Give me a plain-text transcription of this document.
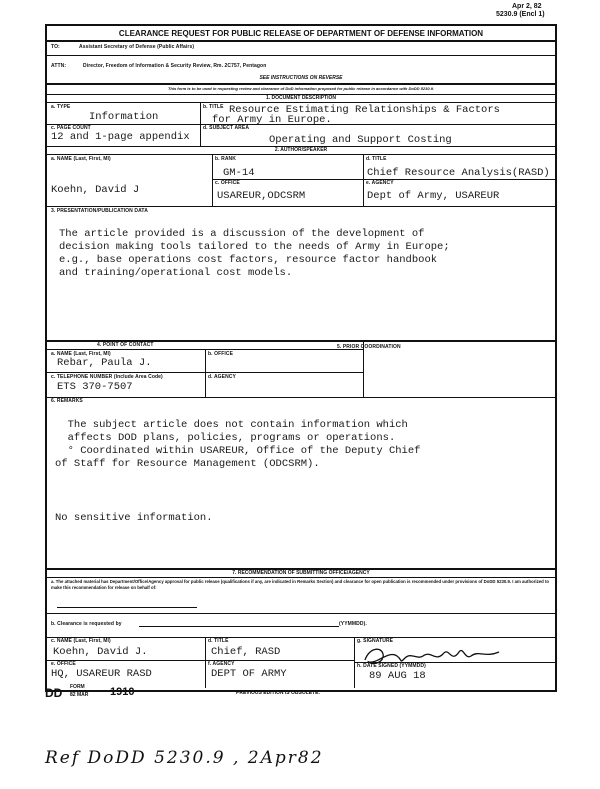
Apr 2, 82
5230.9 (Encl 1)
CLEARANCE REQUEST FOR PUBLIC RELEASE OF DEPARTMENT OF DEFENSE INFORMATION
TO:	Assistant Secretary of Defense (Public Affairs)
ATTN:	Director, Freedom of Information & Security Review, Rm. 2C757, Pentagon
SEE INSTRUCTIONS ON REVERSE
This form is to be used in requesting review and clearance of DoD information proposed for public release in accordance with DoDD 5230.9.
1. DOCUMENT DESCRIPTION
a. TYPE
Information
b. TITLE Resource Estimating Relationships & Factors
for Army in Europe.
c. PAGE COUNT
12 and 1-page appendix
d. SUBJECT AREA
Operating and Support Costing
2. AUTHOR/SPEAKER
a. NAME (Last, First, MI)
Koehn, David J
b. RANK
GM-14
c. OFFICE
USAREUR,ODCSRM
d. TITLE
Chief Resource Analysis(RASD)
e. AGENCY
Dept of Army, USAREUR
3. PRESENTATION/PUBLICATION DATA
The article provided is a discussion of the development of
decision making tools tailored to the needs of Army in Europe;
e.g., base operations cost factors, resource factor handbook
and training/operational cost models.
4. POINT OF CONTACT	5. PRIOR COORDINATION
a. NAME (Last, First, MI)
Rebar, Paula J.
b. OFFICE
c. TELEPHONE NUMBER (Include Area Code)
ETS 370-7507
d. AGENCY
6. REMARKS
The subject article does not contain information which
affects DOD plans, policies, programs or operations.
° Coordinated within USAREUR, Office of the Deputy Chief
of Staff for Resource Management (ODCSRM).
No sensitive information.
7. RECOMMENDATION OF SUBMITTING OFFICE/AGENCY
a. The attached material has Department/Office/Agency approval for public release (qualifications if any, are indicated in Remarks Section) and clearance for open publication is recommended under provisions of DoDD 5230.9. I am authorized to make this recommendation for release on behalf of:
b. Clearance is requested by	(YYMMDD).
c. NAME (Last, First, MI)
Koehn, David J.
d. TITLE
Chief, RASD
e. OFFICE
HQ, USAREUR RASD
f. AGENCY
DEPT OF ARMY
g. SIGNATURE
h. DATE SIGNED (YYMMDD)
89 AUG 18
DD FORM
82 MAR 1910	PREVIOUS EDITION IS OBSOLETE.
Ref DoDD 5230.9 , 2Apr82
